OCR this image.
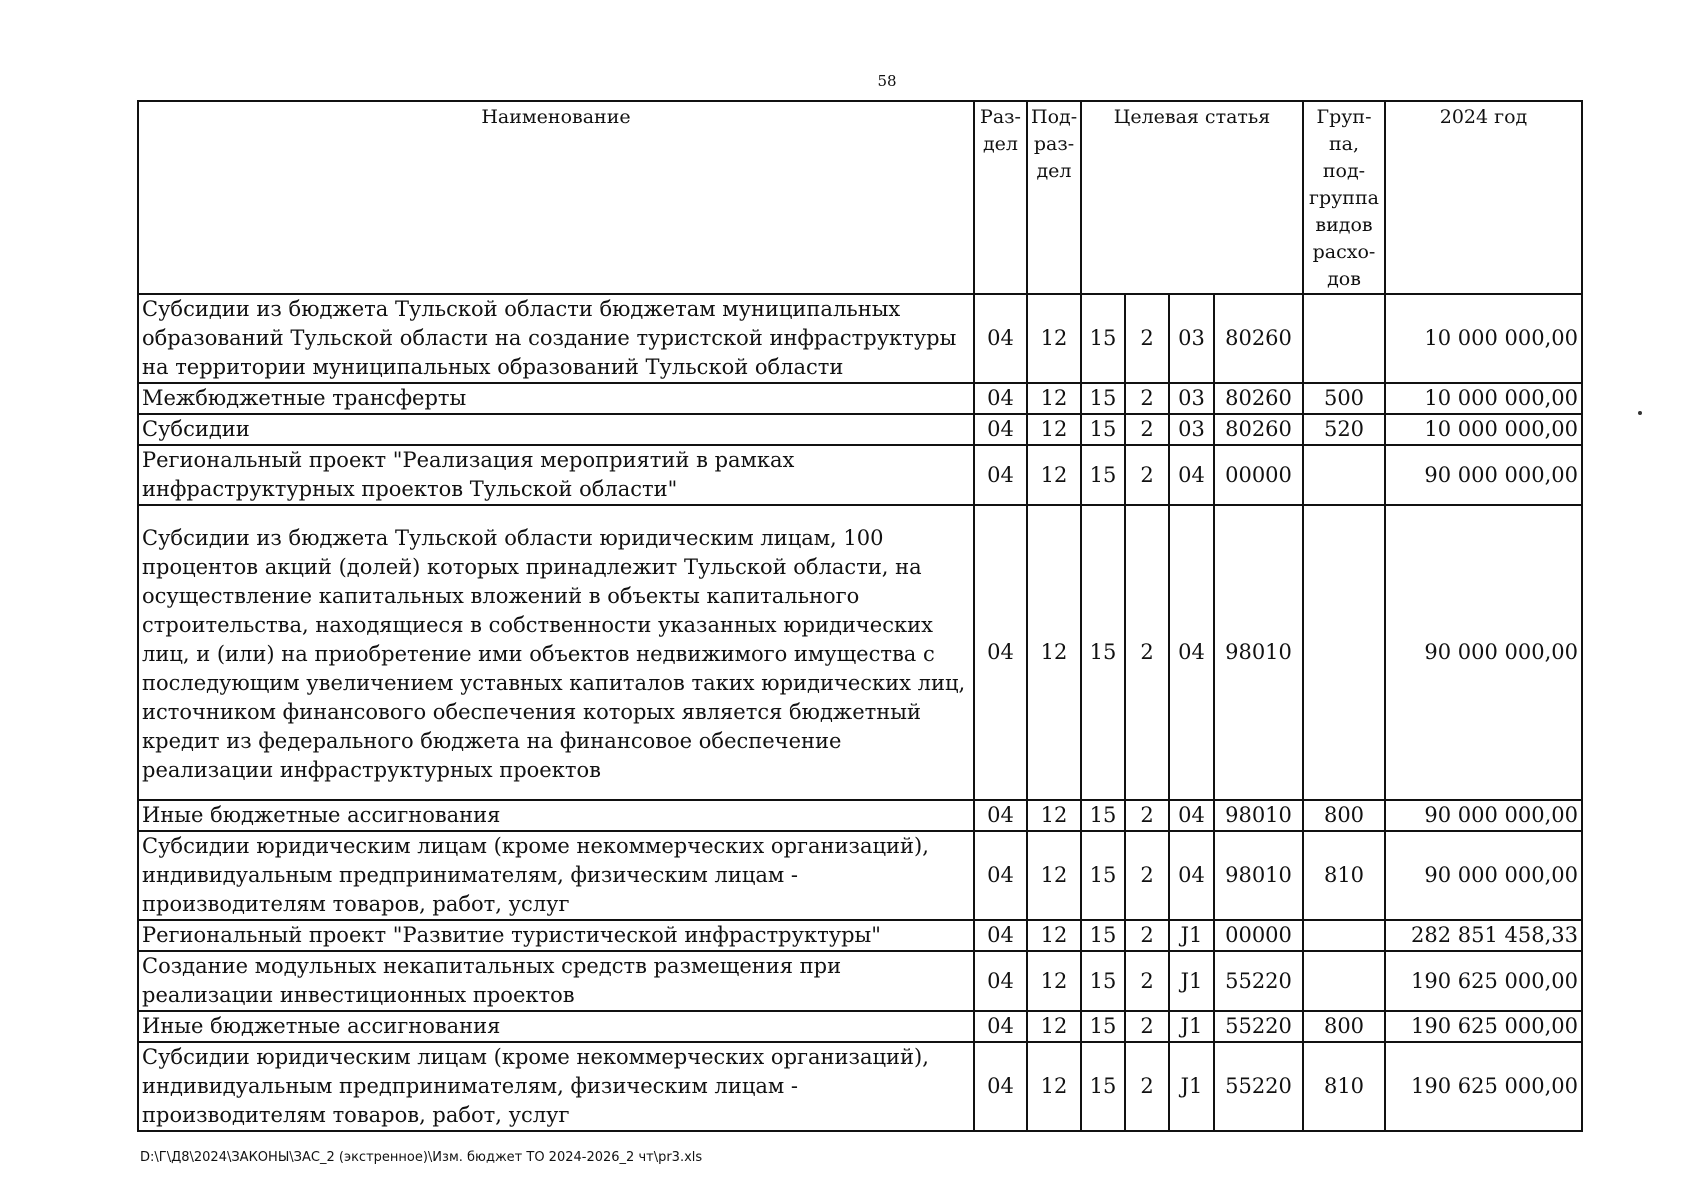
58
Наименование	Раз-дел	Под-раз-дел	Целевая статья				Груп-па, под-группа видов расхо-дов	2024 год
Субсидии из бюджета Тульской области бюджетам муниципальных образований Тульской области на создание туристской инфраструктуры на территории муниципальных образований Тульской области	04	12	15	2	03	80260		10 000 000,00
Межбюджетные трансферты	04	12	15	2	03	80260	500	10 000 000,00
Субсидии	04	12	15	2	03	80260	520	10 000 000,00
Региональный проект "Реализация мероприятий в рамках инфраструктурных проектов Тульской области"	04	12	15	2	04	00000		90 000 000,00
Субсидии из бюджета Тульской области юридическим лицам, 100 процентов акций (долей) которых принадлежит Тульской области, на осуществление капитальных вложений в объекты капитального строительства, находящиеся в собственности указанных юридических лиц, и (или) на приобретение ими объектов недвижимого имущества с последующим увеличением уставных капиталов таких юридических лиц, источником финансового обеспечения которых является бюджетный кредит из федерального бюджета на финансовое обеспечение реализации инфраструктурных проектов	04	12	15	2	04	98010		90 000 000,00
Иные бюджетные ассигнования	04	12	15	2	04	98010	800	90 000 000,00
Субсидии юридическим лицам (кроме некоммерческих организаций), индивидуальным предпринимателям, физическим лицам - производителям товаров, работ, услуг	04	12	15	2	04	98010	810	90 000 000,00
Региональный проект "Развитие туристической инфраструктуры"	04	12	15	2	J1	00000		282 851 458,33
Создание модульных некапитальных средств размещения при реализации инвестиционных проектов	04	12	15	2	J1	55220		190 625 000,00
Иные бюджетные ассигнования	04	12	15	2	J1	55220	800	190 625 000,00
Субсидии юридическим лицам (кроме некоммерческих организаций), индивидуальным предпринимателям, физическим лицам - производителям товаров, работ, услуг	04	12	15	2	J1	55220	810	190 625 000,00
D:\Г\Д8\2024\ЗАКОНЫ\ЗАС_2 (экстренное)\Изм. бюджет ТО 2024-2026_2 чт\pr3.xls
